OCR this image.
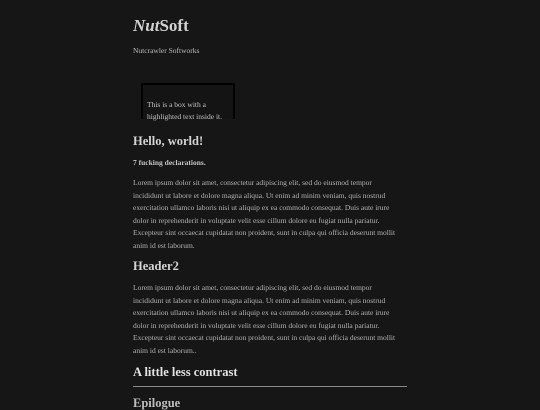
NutSoft
Nutcrawler Softworks
This is a box with a
highlighted text inside it.
Hello, world!
7 fucking declarations.
Lorem ipsum dolor sit amet, consectetur adipiscing elit, sed do eiusmod tempor
incididunt ut labore et dolore magna aliqua. Ut enim ad minim veniam, quis nostrud
exercitation ullamco laboris nisi ut aliquip ex ea commodo consequat. Duis aute irure
dolor in reprehenderit in voluptate velit esse cillum dolore eu fugiat nulla pariatur.
Excepteur sint occaecat cupidatat non proident, sunt in culpa qui officia deserunt mollit
anim id est laborum.
Header2
Lorem ipsum dolor sit amet, consectetur adipiscing elit, sed do eiusmod tempor
incididunt ut labore et dolore magna aliqua. Ut enim ad minim veniam, quis nostrud
exercitation ullamco laboris nisi ut aliquip ex ea commodo consequat. Duis aute irure
dolor in reprehenderit in voluptate velit esse cillum dolore eu fugiat nulla pariatur.
Excepteur sint occaecat cupidatat non proident, sunt in culpa qui officia deserunt mollit
anim id est laborum..
A little less contrast
Epilogue
